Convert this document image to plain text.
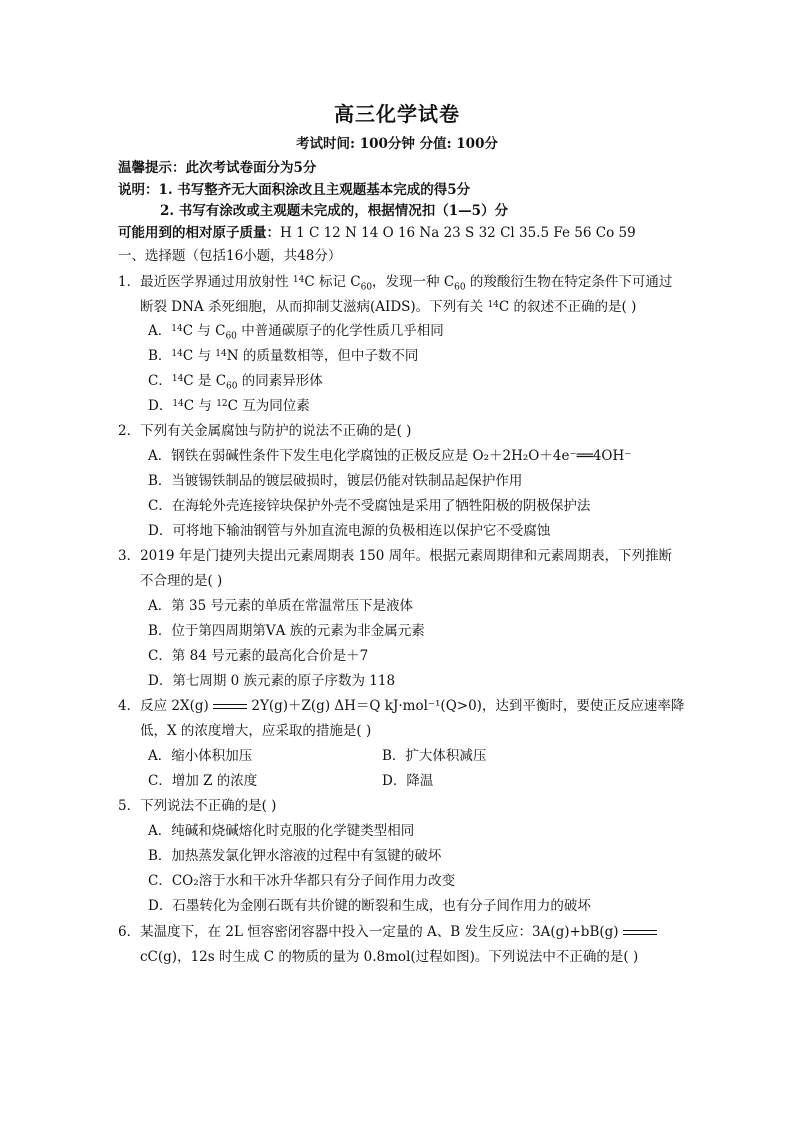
高三化学试卷
考试时间: 100分钟 分值: 100分
温馨提示：此次考试卷面分为5分
说明：1. 书写整齐无大面积涂改且主观题基本完成的得5分
2. 书写有涂改或主观题未完成的，根据情况扣（1—5）分
可能用到的相对原子质量：H 1 C 12 N 14 O 16 Na 23 S 32 Cl 35.5 Fe 56 Co 59
一、选择题（包括16小题，共48分）
1．最近医学界通过用放射性 $^{14}$C 标记 $C_{60}$，发现一种 $C_{60}$ 的羧酸衍生物在特定条件下可通过
断裂 DNA 杀死细胞，从而抑制艾滋病(AIDS)。下列有关 $^{14}$C 的叙述不正确的是( )
A．$^{14}$C 与 $C_{60}$ 中普通碳原子的化学性质几乎相同
B．$^{14}$C 与 $^{14}$N 的质量数相等，但中子数不同
C．$^{14}$C 是 $C_{60}$ 的同素异形体
D．$^{14}$C 与 $^{12}$C 互为同位素
2．下列有关金属腐蚀与防护的说法不正确的是( )
A．钢铁在弱碱性条件下发生电化学腐蚀的正极反应是 O₂＋2H₂O＋4e⁻══4OH⁻
B．当镀锡铁制品的镀层破损时，镀层仍能对铁制品起保护作用
C．在海轮外壳连接锌块保护外壳不受腐蚀是采用了牺牲阳极的阴极保护法
D．可将地下输油钢管与外加直流电源的负极相连以保护它不受腐蚀
3．2019 年是门捷列夫提出元素周期表 150 周年。根据元素周期律和元素周期表，下列推断
不合理的是( )
A．第 35 号元素的单质在常温常压下是液体
B．位于第四周期第ⅤA 族的元素为非金属元素
C．第 84 号元素的最高化合价是＋7
D．第七周期 0 族元素的原子序数为 118
4．反应 2X(g)	2Y(g)＋Z(g) ΔH＝Q kJ·mol⁻¹(Q>0)，达到平衡时，要使正反应速率降
低，X 的浓度增大，应采取的措施是( )
A．缩小体积加压	B．扩大体积减压
C．增加 Z 的浓度	D．降温
5．下列说法不正确的是( )
A．纯碱和烧碱熔化时克服的化学键类型相同
B．加热蒸发氯化钾水溶液的过程中有氢键的破坏
C．CO₂溶于水和干冰升华都只有分子间作用力改变
D．石墨转化为金刚石既有共价键的断裂和生成，也有分子间作用力的破坏
6．某温度下，在 2L 恒容密闭容器中投入一定量的 A、B 发生反应：3A(g)+bB(g)
cC(g)，12s 时生成 C 的物质的量为 0.8mol(过程如图)。下列说法中不正确的是( )
